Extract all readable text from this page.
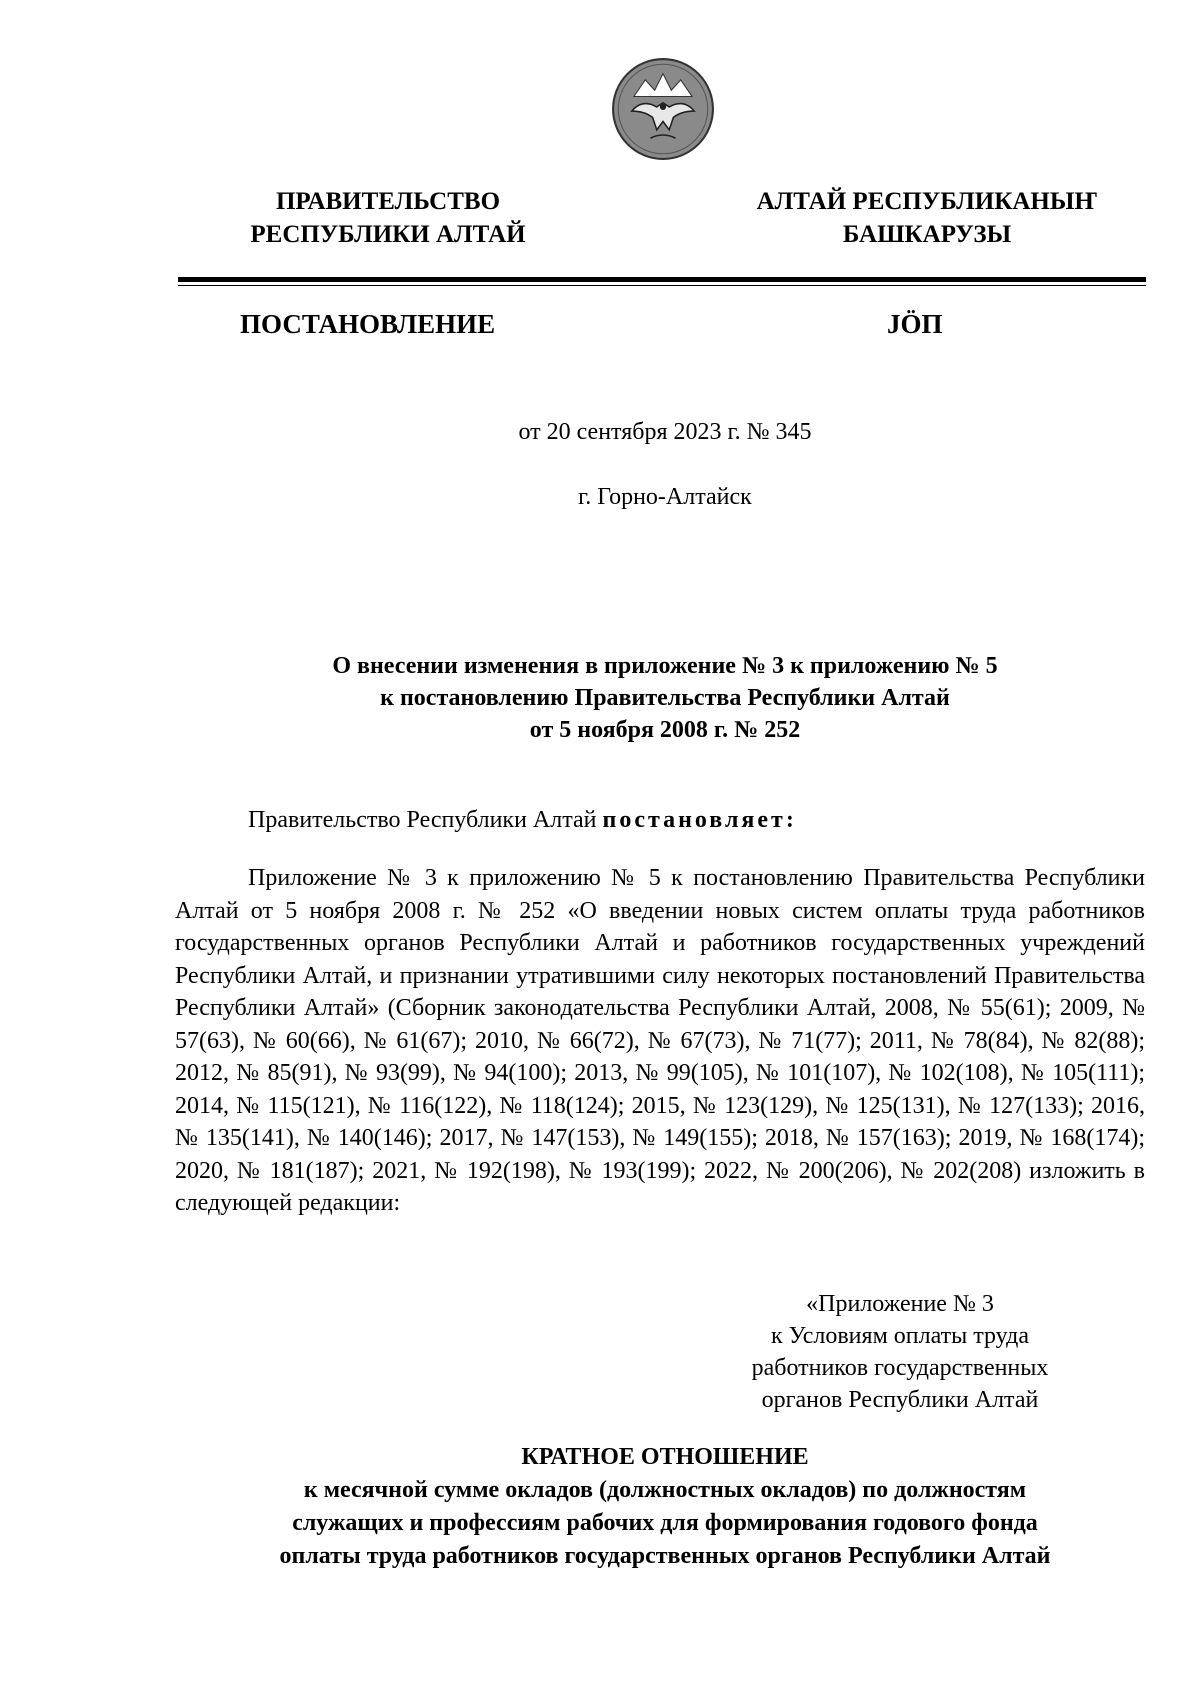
ПРАВИТЕЛЬСТВО
РЕСПУБЛИКИ АЛТАЙ
АЛТАЙ РЕСПУБЛИКАНЫҤ
БАШКАРУЗЫ
ПОСТАНОВЛЕНИЕ	JÖП
от 20 сентября 2023 г. № 345
г. Горно-Алтайск
О внесении изменения в приложение № 3 к приложению № 5
к постановлению Правительства Республики Алтай
от 5 ноября 2008 г. № 252
Правительство Республики Алтай постановляет:
Приложение № 3 к приложению № 5 к постановлению Правительства Республики Алтай от 5 ноября 2008 г. № 252 «О введении новых систем оплаты труда работников государственных органов Республики Алтай и работников государственных учреждений Республики Алтай, и признании утратившими силу некоторых постановлений Правительства Республики Алтай» (Сборник законодательства Республики Алтай, 2008, № 55(61); 2009, № 57(63), № 60(66), № 61(67); 2010, № 66(72), № 67(73), № 71(77); 2011, № 78(84), № 82(88); 2012, № 85(91), № 93(99), № 94(100); 2013, № 99(105), № 101(107), № 102(108), № 105(111); 2014, № 115(121), № 116(122), № 118(124); 2015, № 123(129), № 125(131), № 127(133); 2016, № 135(141), № 140(146); 2017, № 147(153), № 149(155); 2018, № 157(163); 2019, № 168(174); 2020, № 181(187); 2021, № 192(198), № 193(199); 2022, № 200(206), № 202(208) изложить в следующей редакции:
«Приложение № 3
к Условиям оплаты труда
работников государственных
органов Республики Алтай
КРАТНОЕ ОТНОШЕНИЕ
к месячной сумме окладов (должностных окладов) по должностям
служащих и профессиям рабочих для формирования годового фонда
оплаты труда работников государственных органов Республики Алтай
